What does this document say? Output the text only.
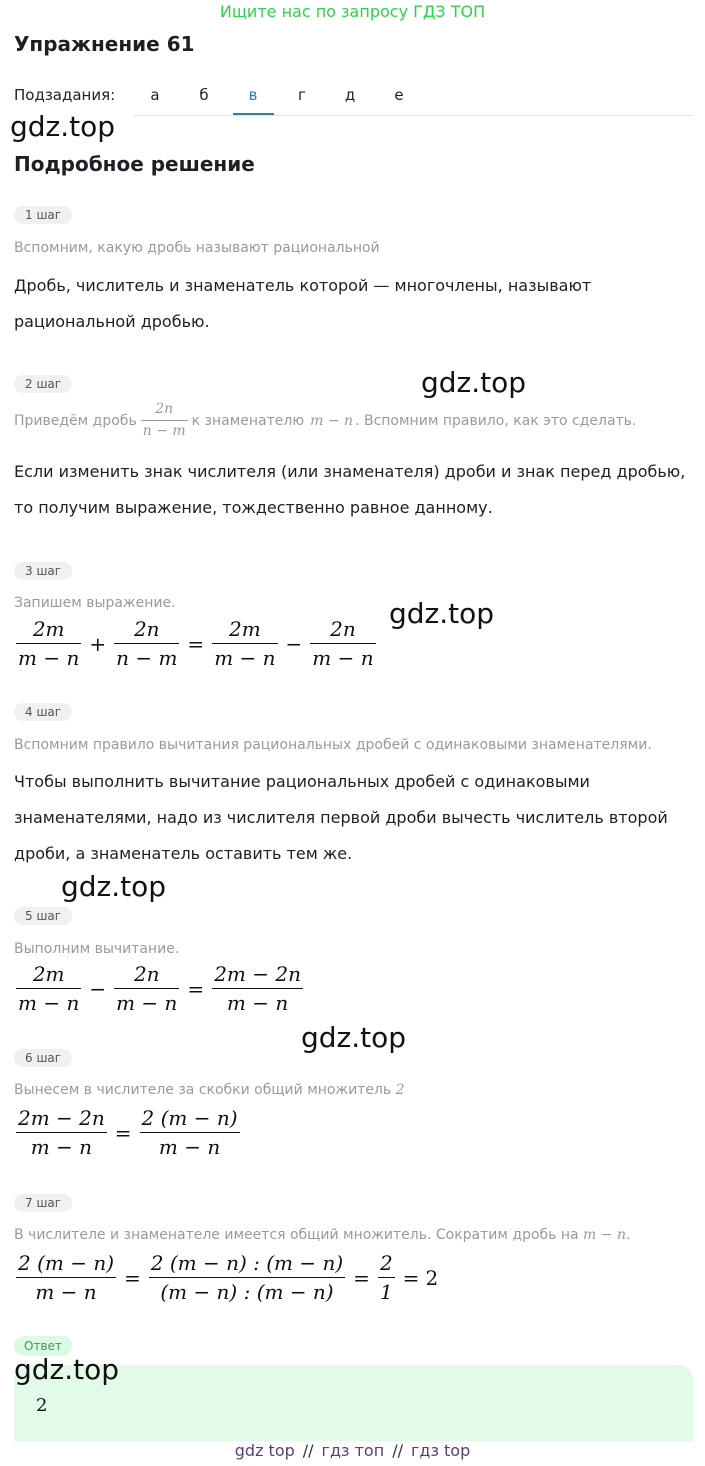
Ищите нас по запросу ГДЗ ТОП
Упражнение 61
Подзадания:	а	б	в	г	д	е
gdz.top
Подробное решение
1 шаг
Вспомним, какую дробь называют рациональной
Дробь, числитель и знаменатель которой — многочлены, называют рациональной дробью.
2 шаг	gdz.top
Приведём дробь $\frac{2n}{n - m}$ к знаменателю m − n . Вспомним правило, как это сделать.
Если изменить знак числителя (или знаменателя) дроби и знак перед дробью, то получим выражение, тождественно равное данному.
3 шаг
Запишем выражение.	gdz.top
$\frac{2m}{m - n} + \frac{2n}{n - m} = \frac{2m}{m - n} - \frac{2n}{m - n}$
4 шаг
Вспомним правило вычитания рациональных дробей с одинаковыми знаменателями.
Чтобы выполнить вычитание рациональных дробей с одинаковыми знаменателями, надо из числителя первой дроби вычесть числитель второй дроби, а знаменатель оставить тем же.
gdz.top
5 шаг
Выполним вычитание.
$\frac{2m}{m - n} - \frac{2n}{m - n} = \frac{2m - 2n}{m - n}$
gdz.top
6 шаг
Вынесем в числителе за скобки общий множитель 2
$\frac{2m - 2n}{m - n} = \frac{2 (m - n)}{m - n}$
7 шаг
В числителе и знаменателе имеется общий множитель. Сократим дробь на m − n.
$\frac{2 (m - n)}{m - n} = \frac{2 (m - n) : (m - n)}{(m - n) : (m - n)} = \frac{2}{1} = 2$
Ответ
gdz.top
2
gdz top // гдз топ // гдз top
